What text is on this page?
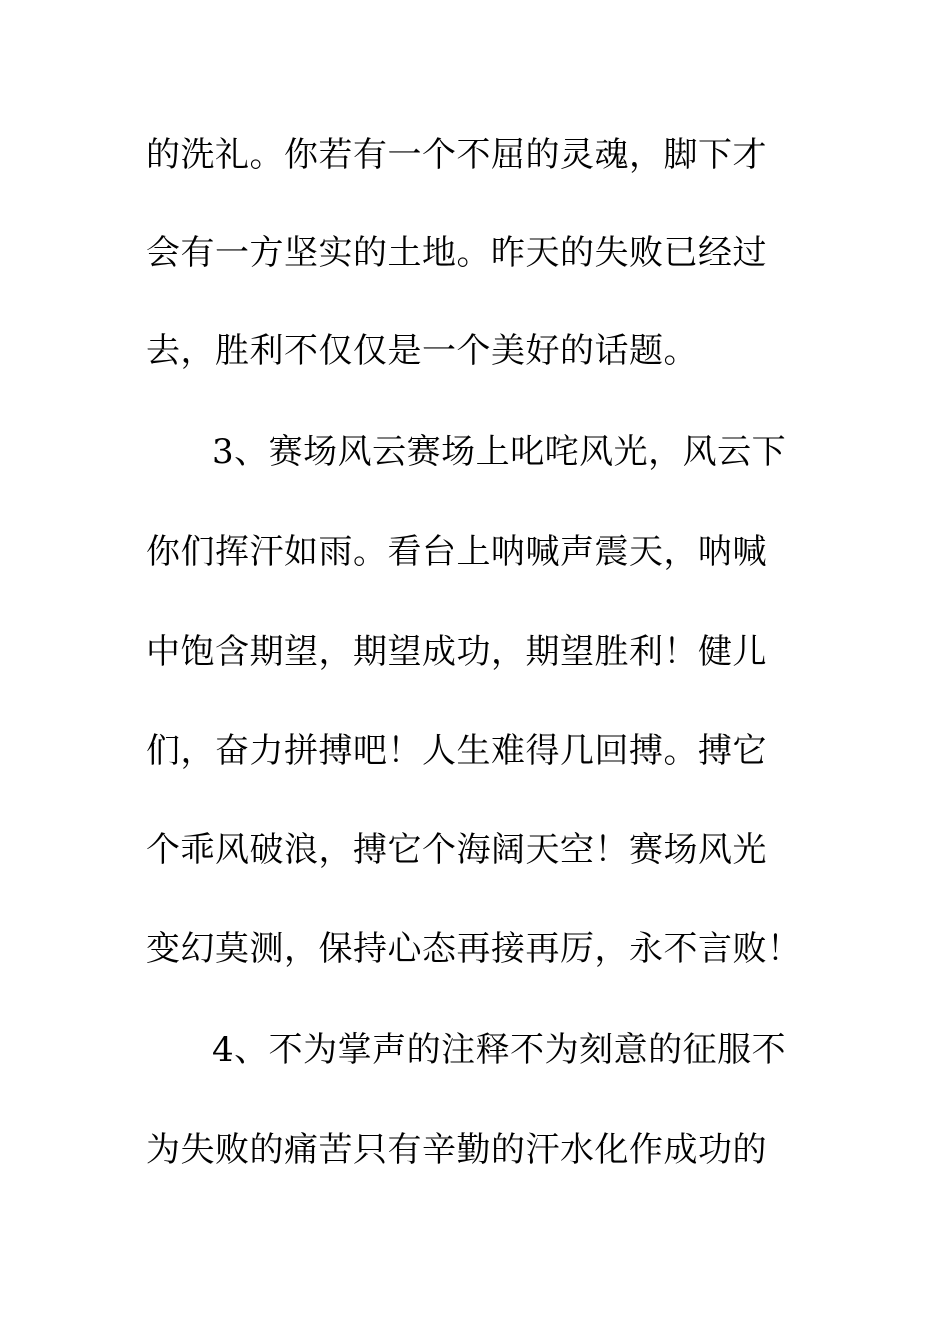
的洗礼。你若有一个不屈的灵魂，脚下才
会有一方坚实的土地。昨天的失败已经过
去，胜利不仅仅是一个美好的话题。
3、赛场风云赛场上叱咤风光，风云下
你们挥汗如雨。看台上呐喊声震天，呐喊
中饱含期望，期望成功，期望胜利！健儿
们，奋力拼搏吧！人生难得几回搏。搏它
个乖风破浪，搏它个海阔天空！赛场风光
变幻莫测，保持心态再接再厉，永不言败！
4、不为掌声的注释不为刻意的征服不
为失败的痛苦只有辛勤的汗水化作成功的
